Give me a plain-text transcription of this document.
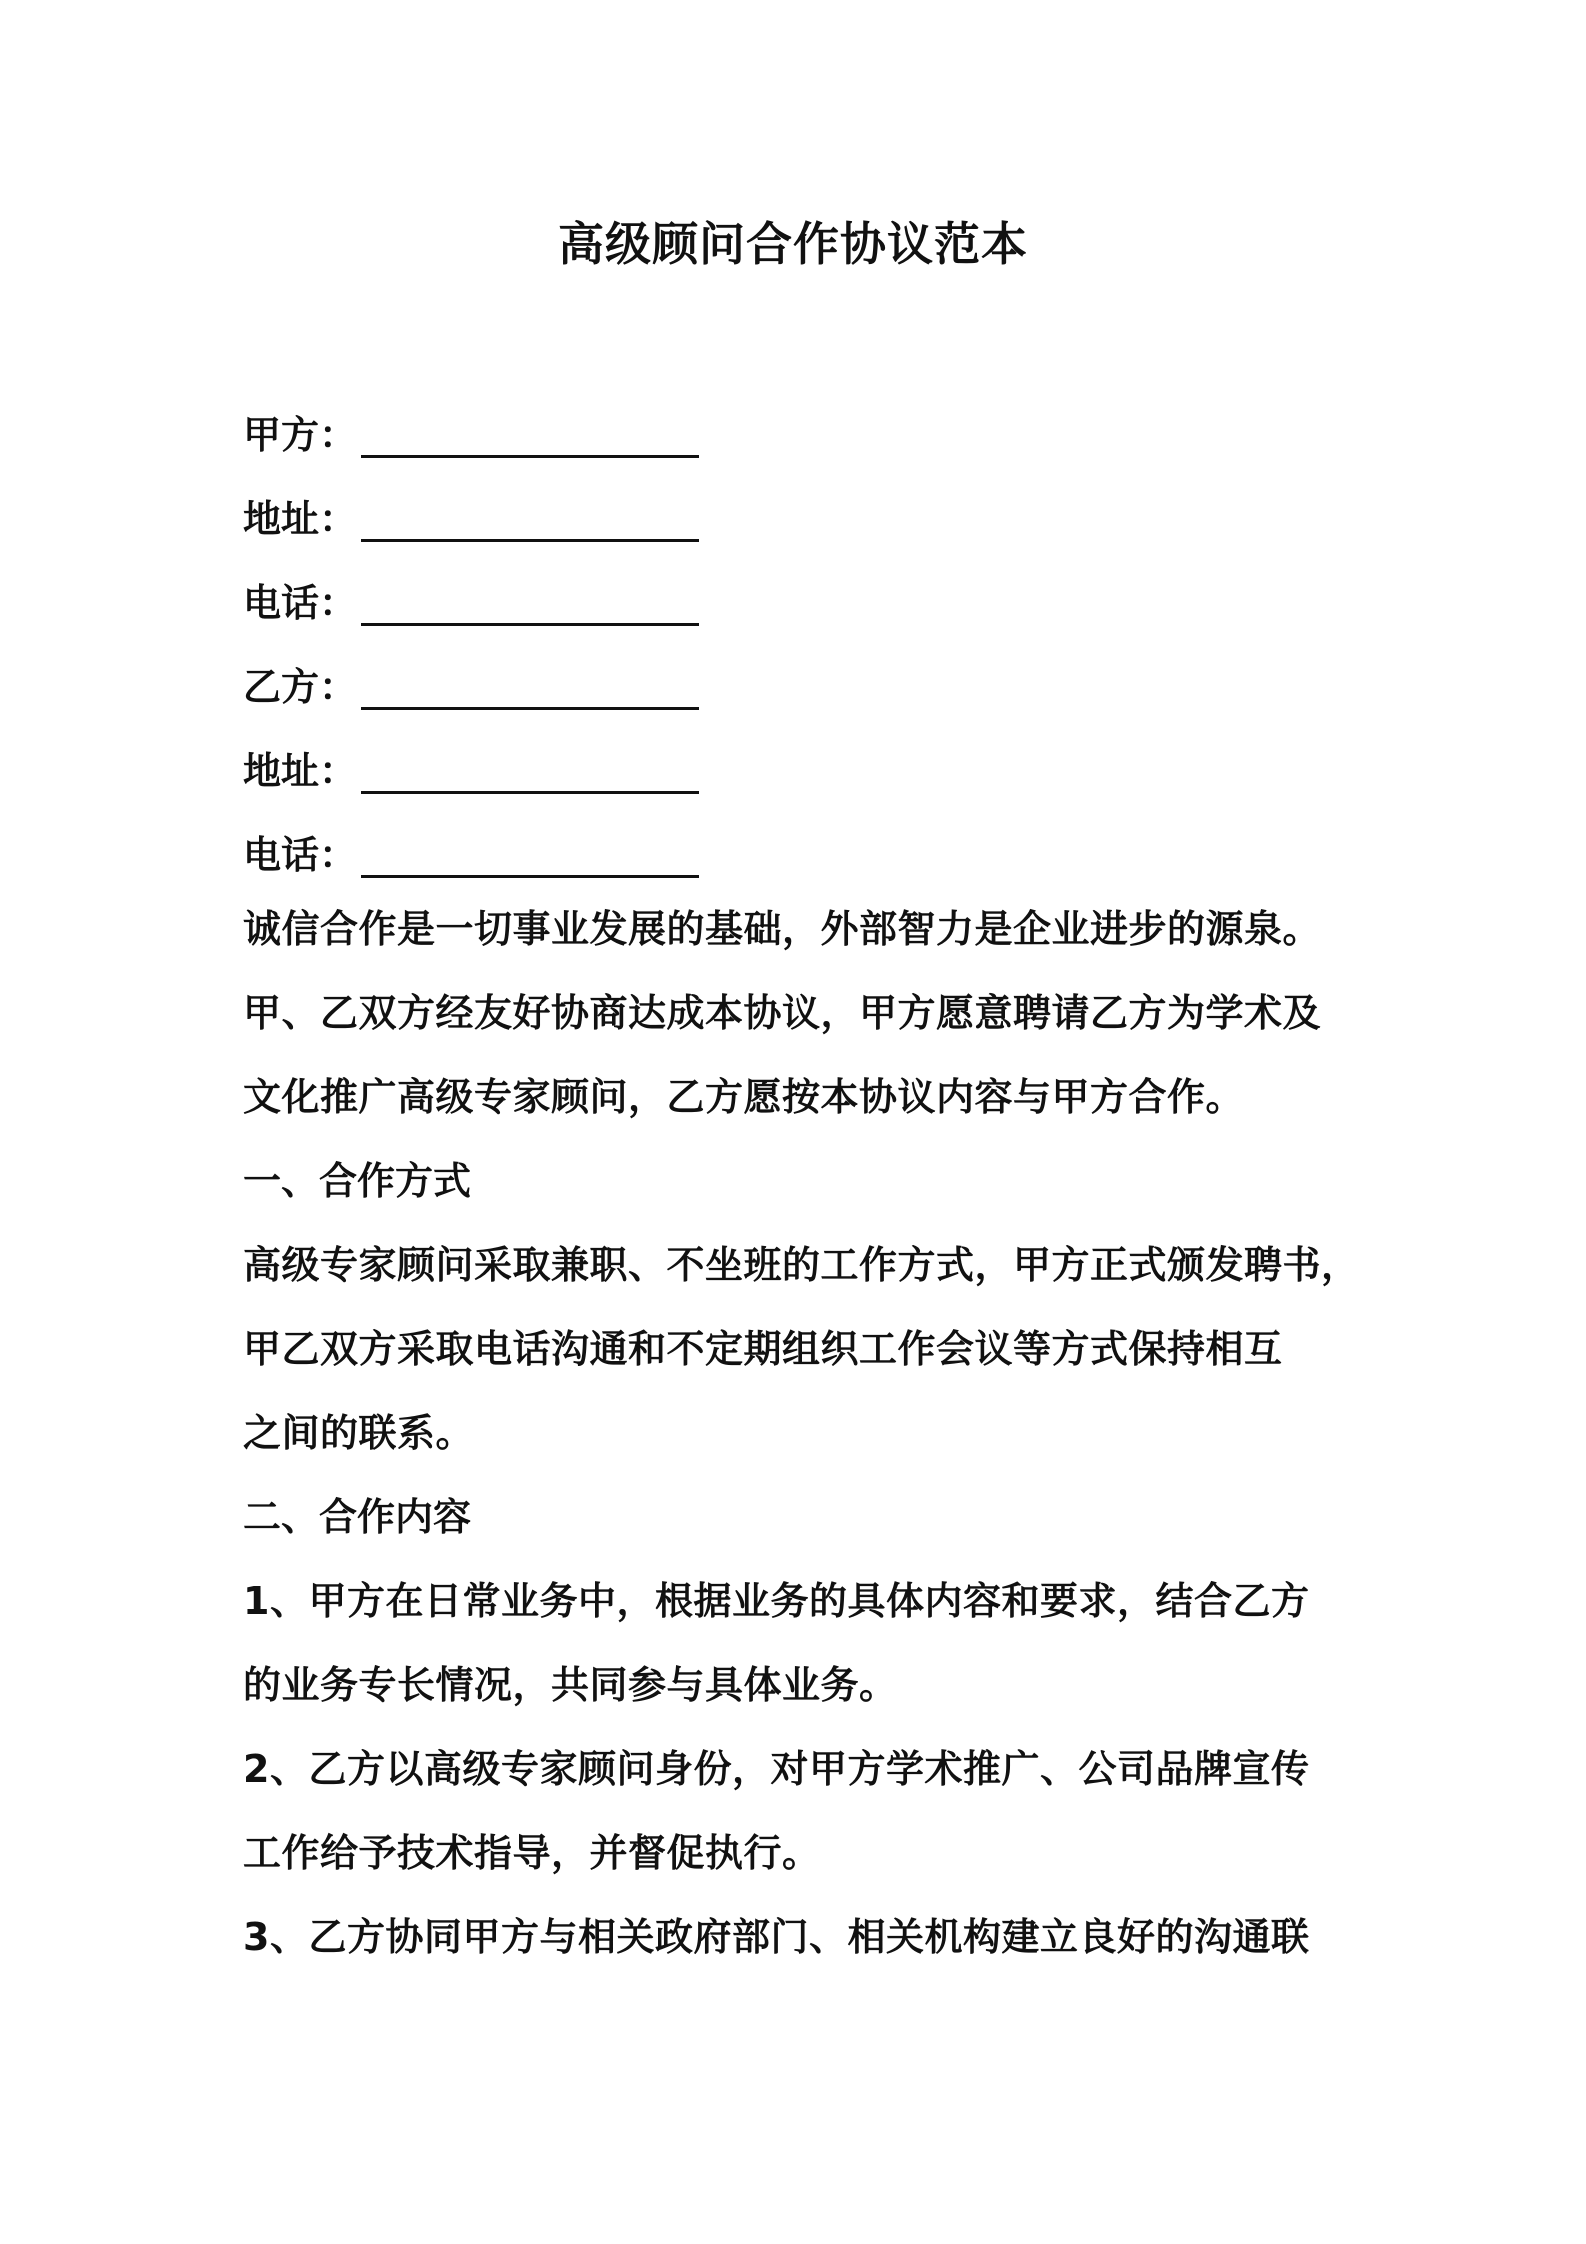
高级顾问合作协议范本
甲方：
地址：
电话：
乙方：
地址：
电话：
诚信合作是一切事业发展的基础，外部智力是企业进步的源泉。
甲、乙双方经友好协商达成本协议，甲方愿意聘请乙方为学术及
文化推广高级专家顾问，乙方愿按本协议内容与甲方合作。
一、合作方式
高级专家顾问采取兼职、不坐班的工作方式，甲方正式颁发聘书，
甲乙双方采取电话沟通和不定期组织工作会议等方式保持相互
之间的联系。
二、合作内容
1、甲方在日常业务中，根据业务的具体内容和要求，结合乙方
的业务专长情况，共同参与具体业务。
2、乙方以高级专家顾问身份，对甲方学术推广、公司品牌宣传
工作给予技术指导，并督促执行。
3、乙方协同甲方与相关政府部门、相关机构建立良好的沟通联
